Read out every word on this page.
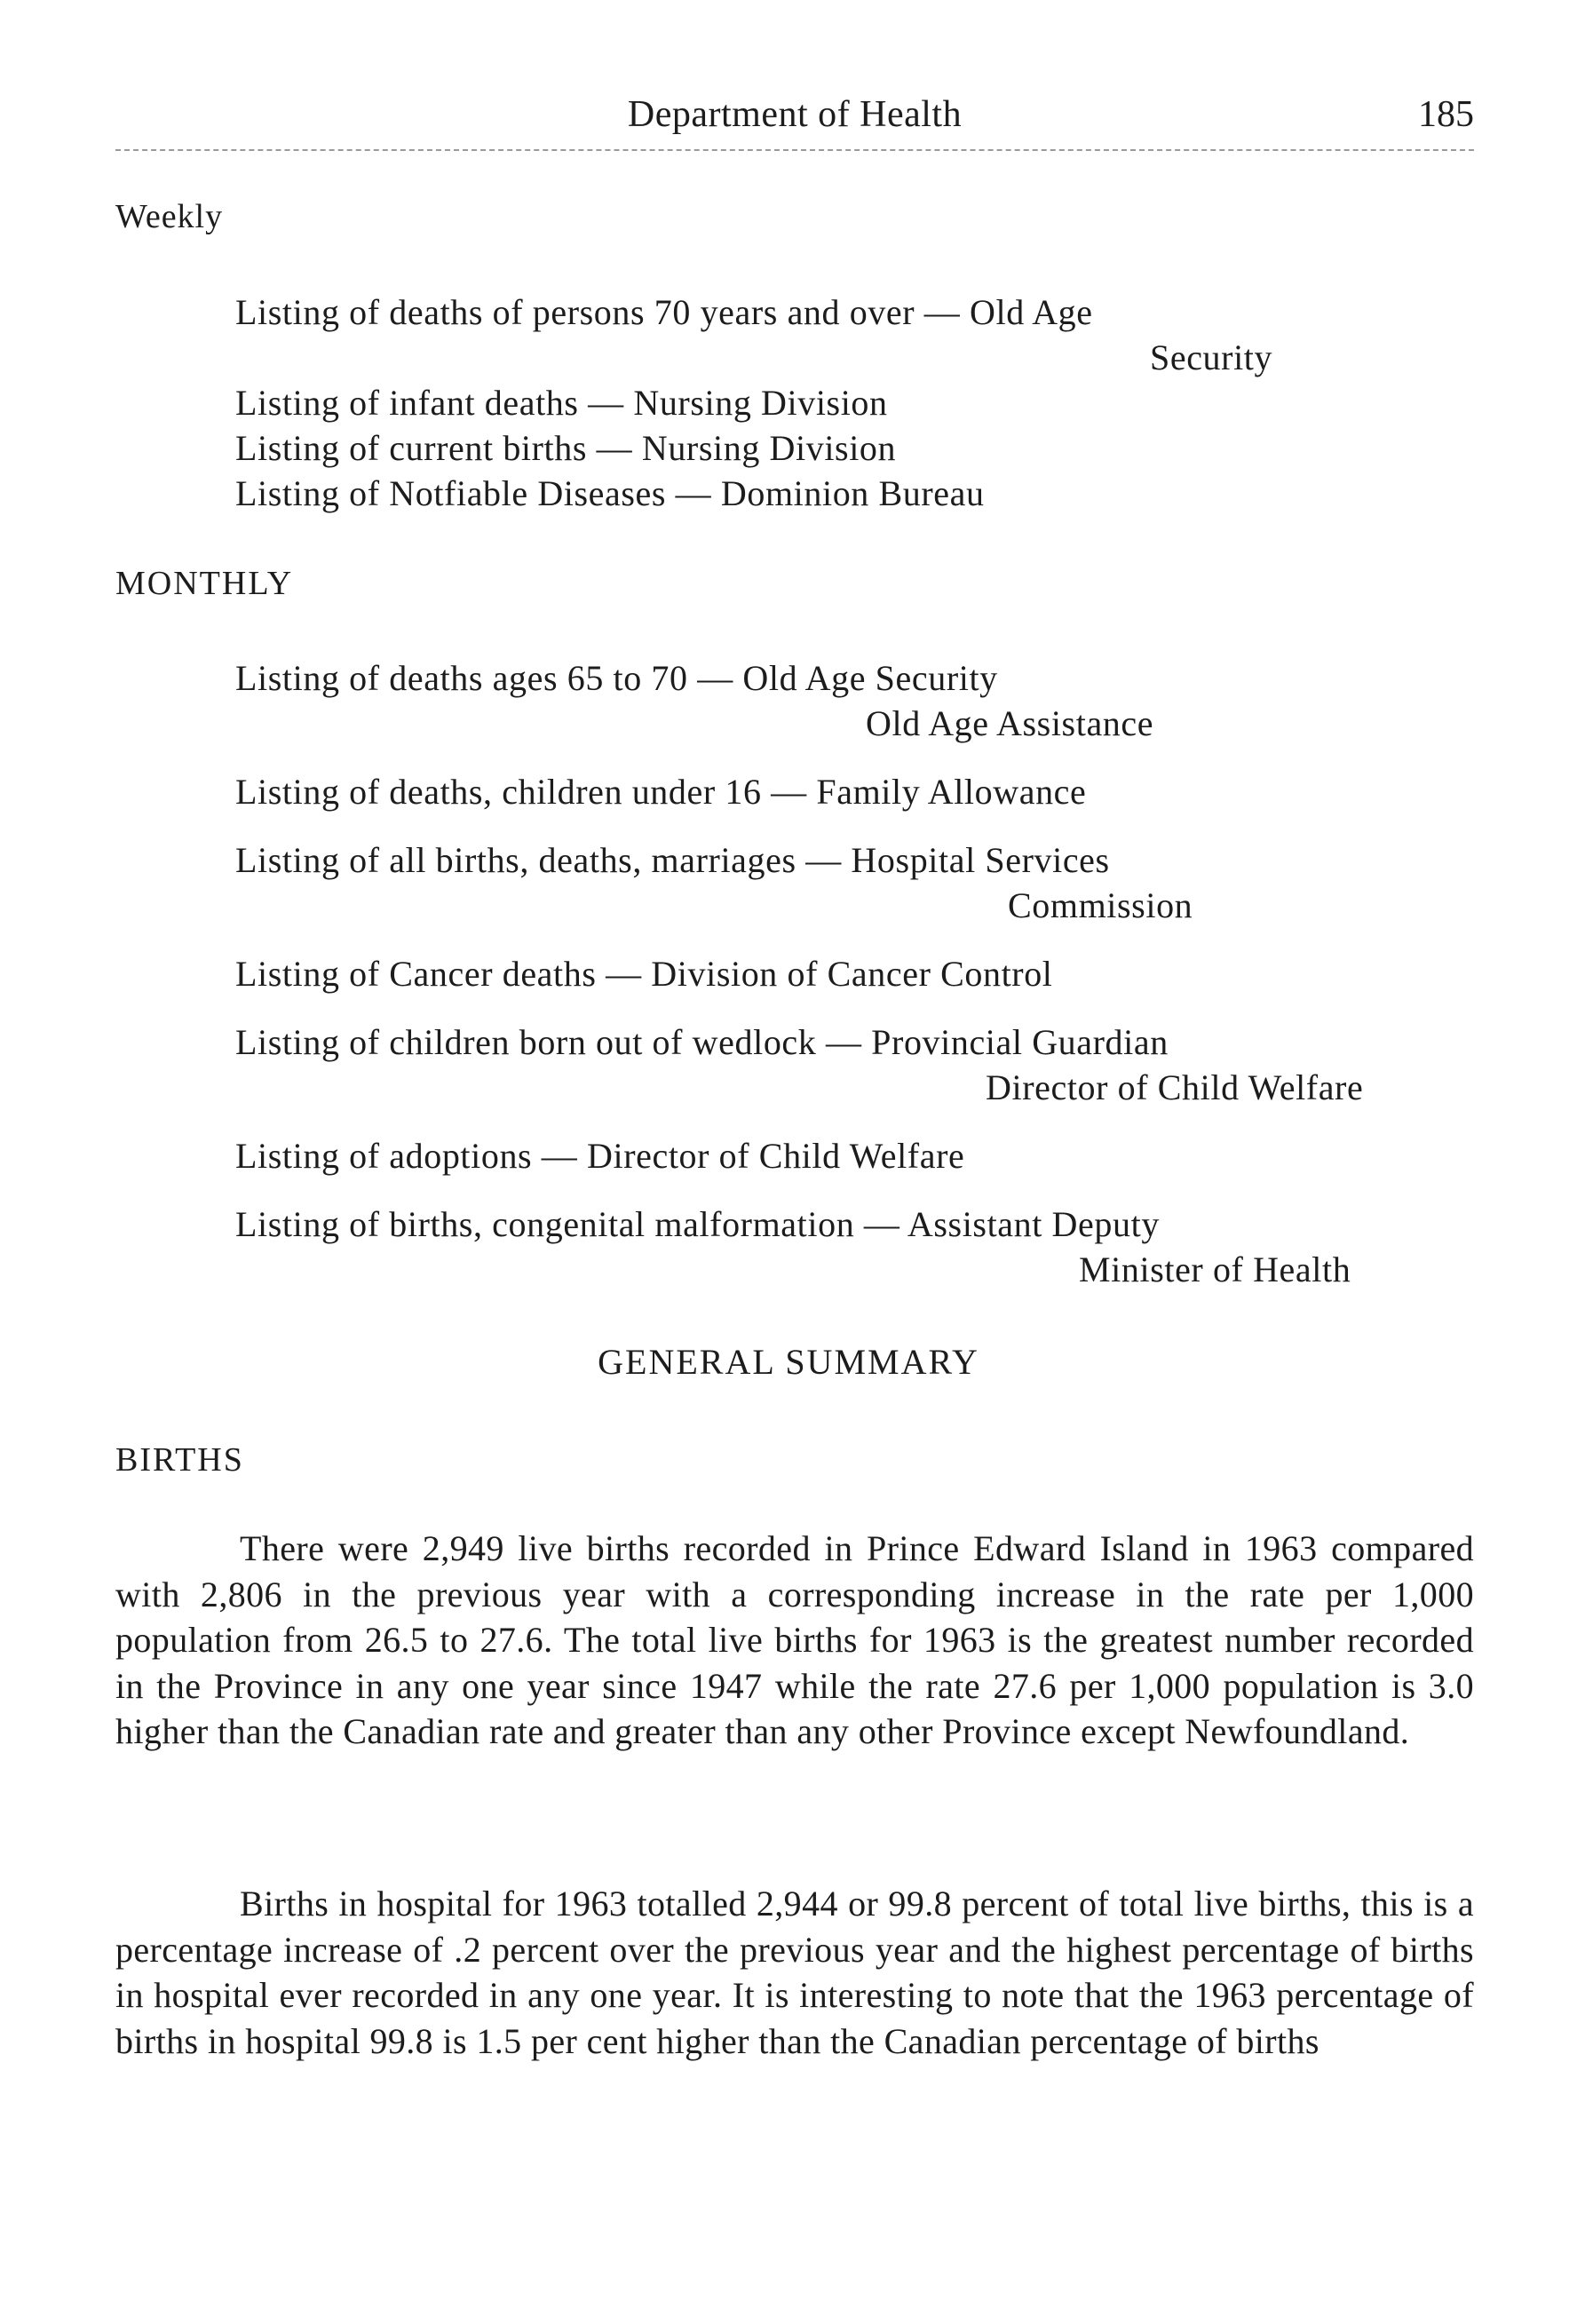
Department of Health	185
Weekly
Listing of deaths of persons 70 years and over — Old Age
Security
Listing of infant deaths — Nursing Division
Listing of current births — Nursing Division
Listing of Notfiable Diseases — Dominion Bureau
MONTHLY
Listing of deaths ages 65 to 70 — Old Age Security
Old Age Assistance
Listing of deaths, children under 16 — Family Allowance
Listing of all births, deaths, marriages — Hospital Services
Commission
Listing of Cancer deaths — Division of Cancer Control
Listing of children born out of wedlock — Provincial Guardian
Director of Child Welfare
Listing of adoptions — Director of Child Welfare
Listing of births, congenital malformation — Assistant Deputy
Minister of Health
GENERAL SUMMARY
BIRTHS

There were 2,949 live births recorded in Prince Edward Island in 1963 compared with 2,806 in the previous year with a corresponding increase in the rate per 1,000 population from 26.5 to 27.6. The total live births for 1963 is the greatest number recorded in the Province in any one year since 1947 while the rate 27.6 per 1,000 population is 3.0 higher than the Canadian rate and greater than any other Province except Newfoundland.

Births in hospital for 1963 totalled 2,944 or 99.8 percent of total live births, this is a percentage increase of .2 percent over the previous year and the highest percentage of births in hospital ever recorded in any one year. It is interesting to note that the 1963 percentage of births in hospital 99.8 is 1.5 per cent higher than the Canadian percentage of births
